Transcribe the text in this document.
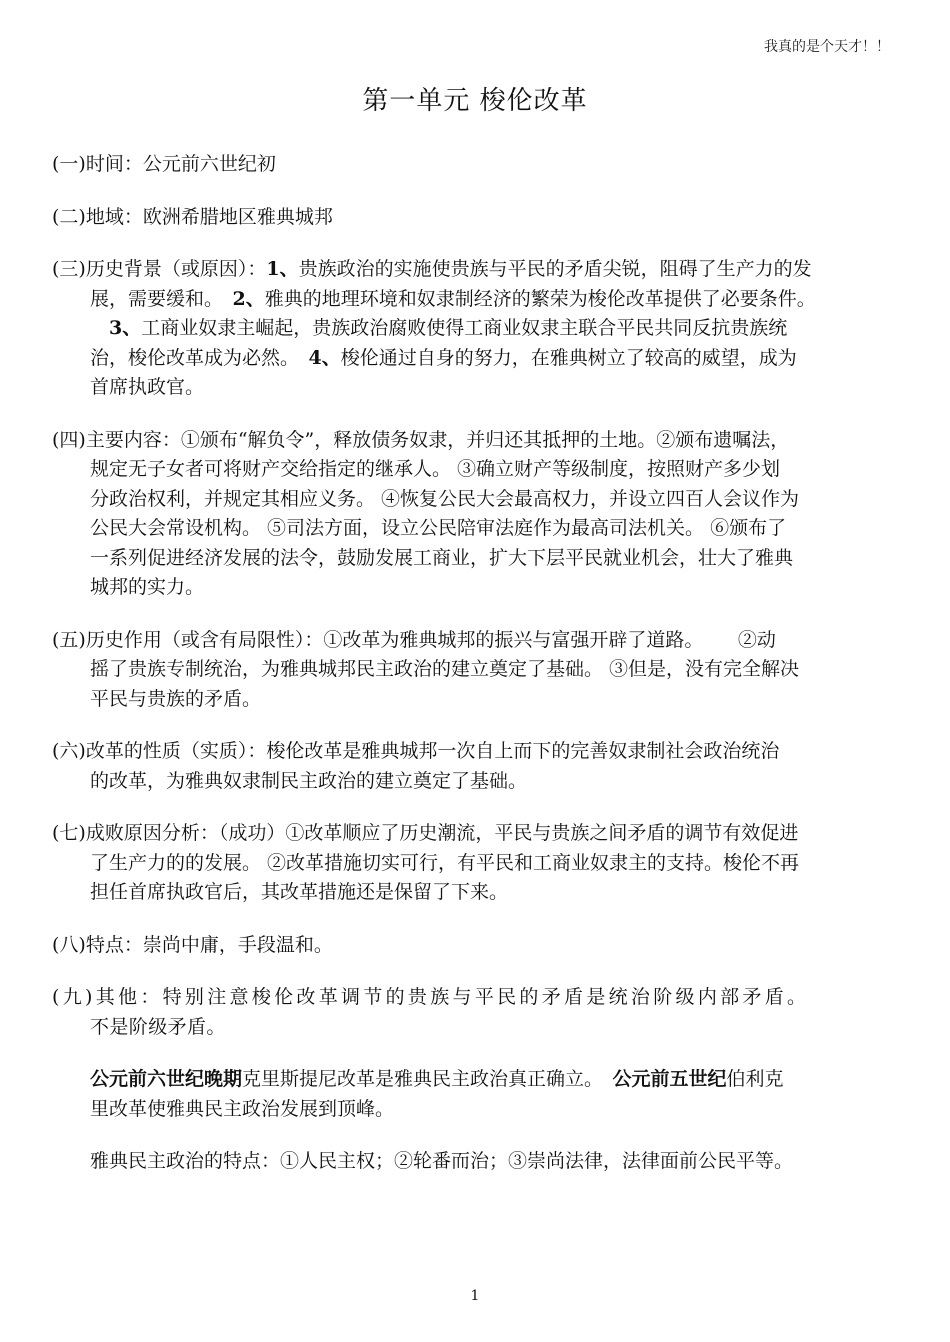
我真的是个天才！！
第一单元 梭伦改革
(一)时间：公元前六世纪初
(二)地域：欧洲希腊地区雅典城邦
(三)历史背景（或原因）：1、贵族政治的实施使贵族与平民的矛盾尖锐，阻碍了生产力的发
展，需要缓和。　2、雅典的地理环境和奴隶制经济的繁荣为梭伦改革提供了必要条件。
　3、工商业奴隶主崛起，贵族政治腐败使得工商业奴隶主联合平民共同反抗贵族统
治，梭伦改革成为必然。　4、梭伦通过自身的努力，在雅典树立了较高的威望，成为
首席执政官。
(四)主要内容：①颁布“解负令”，释放债务奴隶，并归还其抵押的土地。②颁布遗嘱法，
规定无子女者可将财产交给指定的继承人。 ③确立财产等级制度，按照财产多少划
分政治权利，并规定其相应义务。 ④恢复公民大会最高权力，并设立四百人会议作为
公民大会常设机构。 ⑤司法方面，设立公民陪审法庭作为最高司法机关。 ⑥颁布了
一系列促进经济发展的法令，鼓励发展工商业，扩大下层平民就业机会，壮大了雅典
城邦的实力。
(五)历史作用（或含有局限性）：①改革为雅典城邦的振兴与富强开辟了道路。　　 ②动
摇了贵族专制统治，为雅典城邦民主政治的建立奠定了基础。 ③但是，没有完全解决
平民与贵族的矛盾。
(六)改革的性质（实质）：梭伦改革是雅典城邦一次自上而下的完善奴隶制社会政治统治
的改革，为雅典奴隶制民主政治的建立奠定了基础。
(七)成败原因分析：（成功）①改革顺应了历史潮流，平民与贵族之间矛盾的调节有效促进
了生产力的的发展。 ②改革措施切实可行，有平民和工商业奴隶主的支持。梭伦不再
担任首席执政官后，其改革措施还是保留了下来。
(八)特点：崇尚中庸，手段温和。
(九)其他：特别注意梭伦改革调节的贵族与平民的矛盾是统治阶级内部矛盾。
不是阶级矛盾。
公元前六世纪晚期克里斯提尼改革是雅典民主政治真正确立。　公元前五世纪伯利克
里改革使雅典民主政治发展到顶峰。
雅典民主政治的特点：①人民主权；②轮番而治；③崇尚法律，法律面前公民平等。
1
